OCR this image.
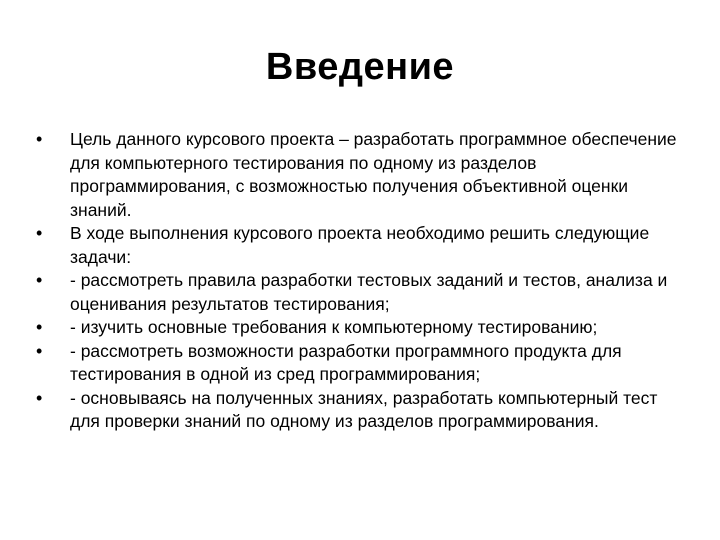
Введение
•	Цель данного курсового проекта – разработать программное обеспечение для компьютерного тестирования по одному из разделов программирования, с возможностью получения объективной оценки знаний.
•	В ходе выполнения курсового проекта необходимо решить следующие задачи:
•	- рассмотреть правила разработки тестовых заданий и тестов, анализа и оценивания результатов тестирования;
•	- изучить основные требования к компьютерному тестированию;
•	- рассмотреть возможности разработки программного продукта для тестирования в одной из сред программирования;
•	- основываясь на полученных знаниях, разработать компьютерный тест для проверки знаний по одному из разделов программирования.
